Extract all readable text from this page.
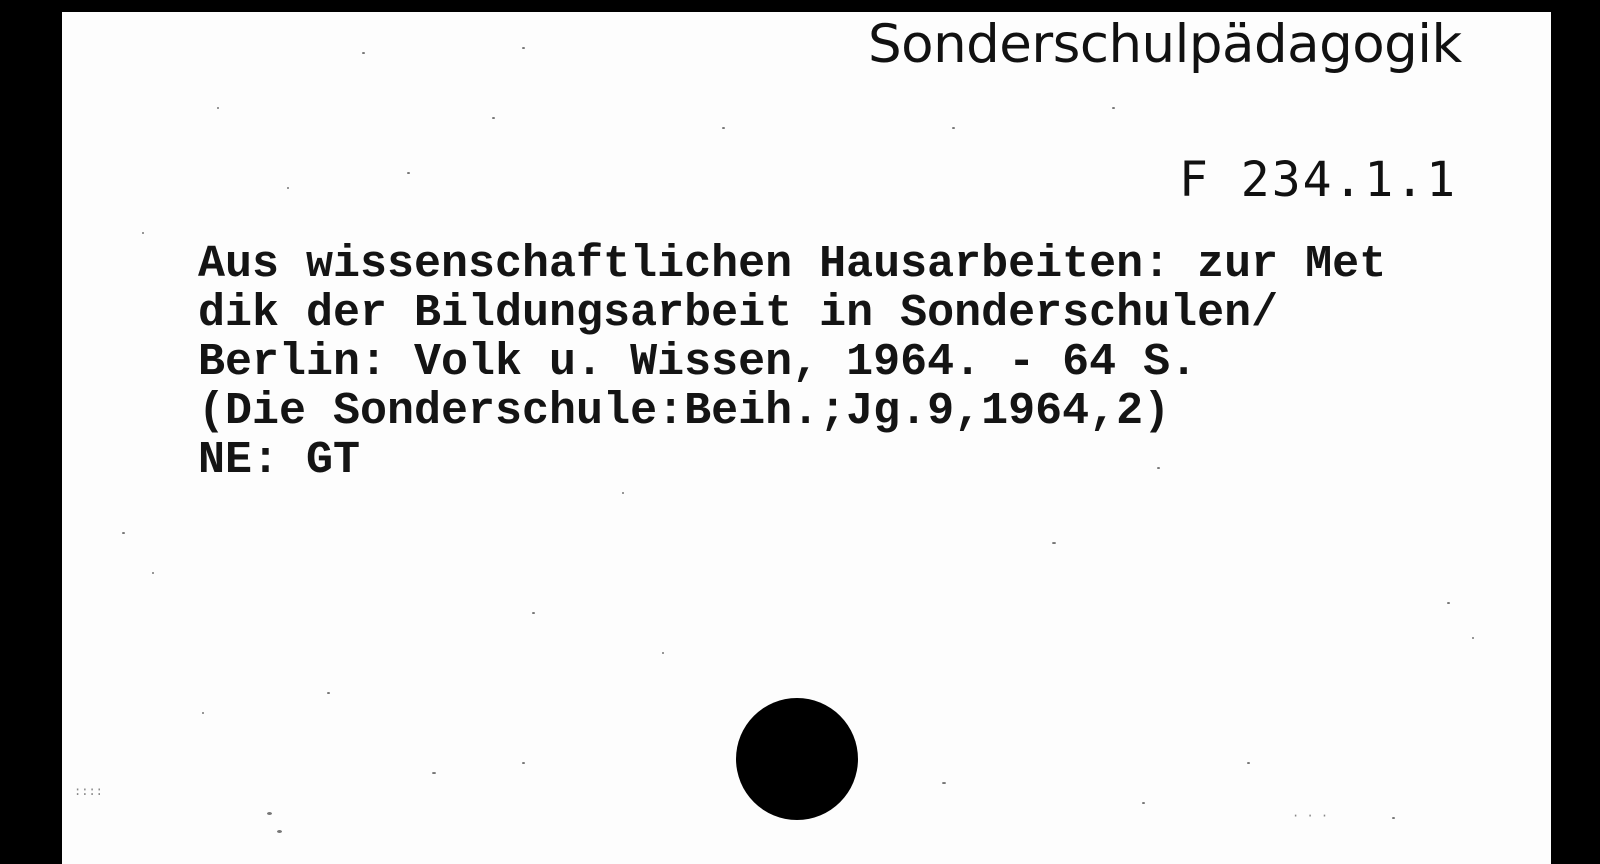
Sonderschulpädagogik
F 234.1.1
Aus wissenschaftlichen Hausarbeiten: zur Met
dik der Bildungsarbeit in Sonderschulen/
Berlin: Volk u. Wissen, 1964. - 64 S.
(Die Sonderschule:Beih.;Jg.9,1964,2)
NE: GT
::::
· · ·
